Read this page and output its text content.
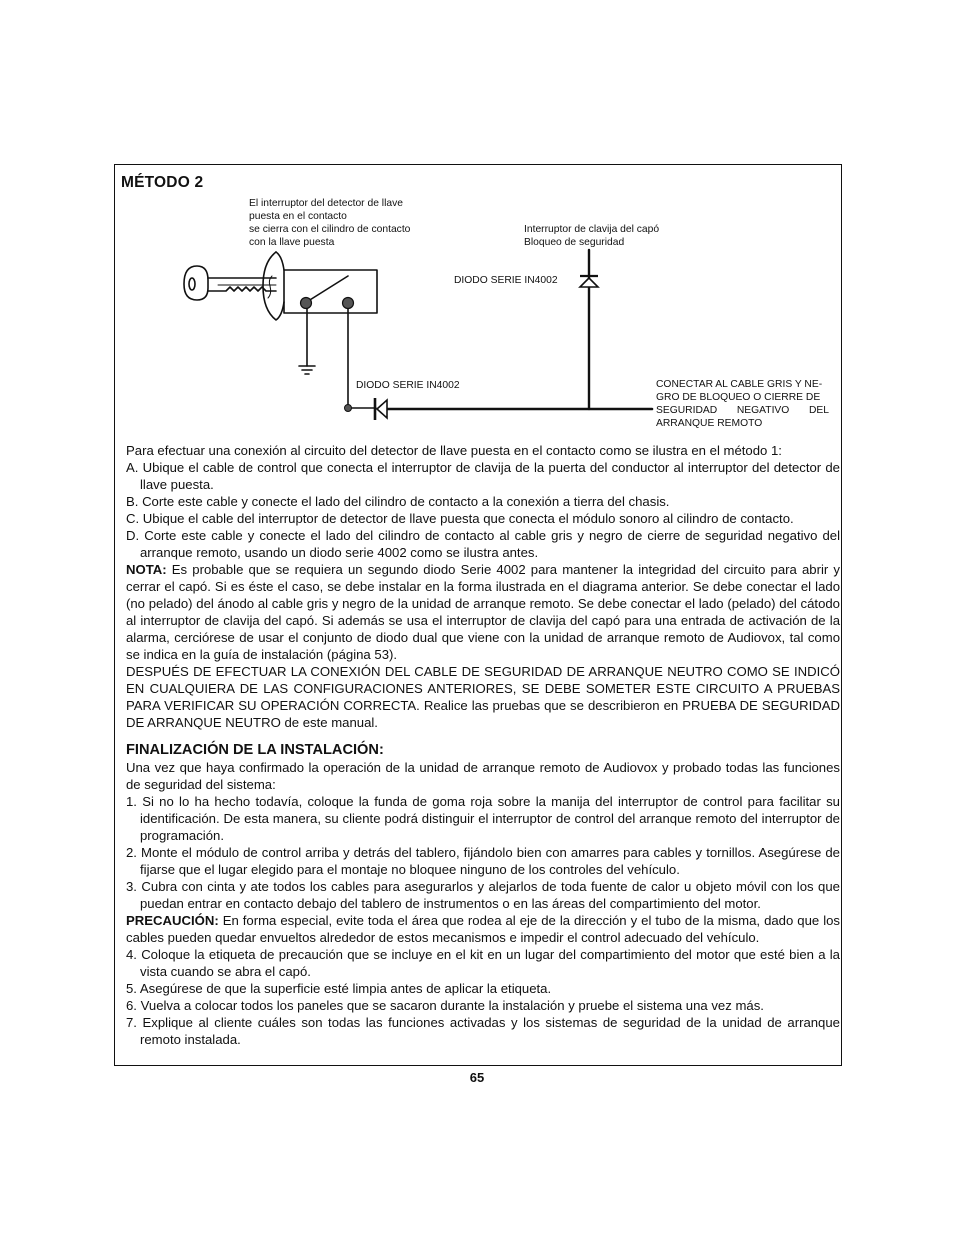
MÉTODO 2
El interruptor del detector de llave
puesta en el contacto
se cierra con el cilindro de contacto
con la llave puesta
Interruptor de clavija del capó
Bloqueo de seguridad
DIODO SERIE IN4002
DIODO SERIE IN4002	CONECTAR AL CABLE GRIS Y NE-
GRO DE BLOQUEO O CIERRE DE
SEGURIDAD NEGATIVO DEL
ARRANQUE REMOTO

Para efectuar una conexión al circuito del detector de llave puesta en el contacto como se ilustra en el método 1:

A. Ubique el cable de control que conecta el interruptor de clavija de la puerta del conductor al interruptor del detector de llave puesta.

B. Corte este cable y conecte el lado del cilindro de contacto a la conexión a tierra del chasis.

C. Ubique el cable del interruptor de detector de llave puesta que conecta el módulo sonoro al cilindro de contacto.

D. Corte este cable y conecte el lado del cilindro de contacto al cable gris y negro de cierre de seguridad negativo del arranque remoto, usando un diodo serie 4002 como se ilustra antes.

NOTA: Es probable que se requiera un segundo diodo Serie 4002 para mantener la integridad del circuito para abrir y cerrar el capó. Si es éste el caso, se debe instalar en la forma ilustrada en el diagrama anterior. Se debe conectar el lado (no pelado) del ánodo al cable gris y negro de la unidad de arranque remoto. Se debe conectar el lado (pelado) del cátodo al interruptor de clavija del capó. Si además se usa el interruptor de clavija del capó para una entrada de activación de la alarma, cerciórese de usar el conjunto de diodo dual que viene con la unidad de arranque remoto de Audiovox, tal como se indica en la guía de instalación (página 53).

DESPUÉS DE EFECTUAR LA CONEXIÓN DEL CABLE DE SEGURIDAD DE ARRANQUE NEUTRO COMO SE INDICÓ EN CUALQUIERA DE LAS CONFIGURACIONES ANTERIORES, SE DEBE SOMETER ESTE CIRCUITO A PRUEBAS PARA VERIFICAR SU OPERACIÓN CORRECTA. Realice las pruebas que se describieron en PRUEBA DE SEGURIDAD DE ARRANQUE NEUTRO de este manual.

FINALIZACIÓN DE LA INSTALACIÓN:

Una vez que haya confirmado la operación de la unidad de arranque remoto de Audiovox y probado todas las funciones de seguridad del sistema:

1. Si no lo ha hecho todavía, coloque la funda de goma roja sobre la manija del interruptor de control para facilitar su identificación. De esta manera, su cliente podrá distinguir el interruptor de control del arranque remoto del interruptor de programación.

2. Monte el módulo de control arriba y detrás del tablero, fijándolo bien con amarres para cables y tornillos. Asegúrese de fijarse que el lugar elegido para el montaje no bloquee ninguno de los controles del vehículo.

3. Cubra con cinta y ate todos los cables para asegurarlos y alejarlos de toda fuente de calor u objeto móvil con los que puedan entrar en contacto debajo del tablero de instrumentos o en las áreas del compartimiento del motor.

PRECAUCIÓN: En forma especial, evite toda el área que rodea al eje de la dirección y el tubo de la misma, dado que los cables pueden quedar envueltos alrededor de estos mecanismos e impedir el control adecuado del vehículo.

4. Coloque la etiqueta de precaución que se incluye en el kit en un lugar del compartimiento del motor que esté bien a la vista cuando se abra el capó.

5. Asegúrese de que la superficie esté limpia antes de aplicar la etiqueta.

6. Vuelva a colocar todos los paneles que se sacaron durante la instalación y pruebe el sistema una vez más.

7. Explique al cliente cuáles son todas las funciones activadas y los sistemas de seguridad de la unidad de arranque remoto instalada.

65
